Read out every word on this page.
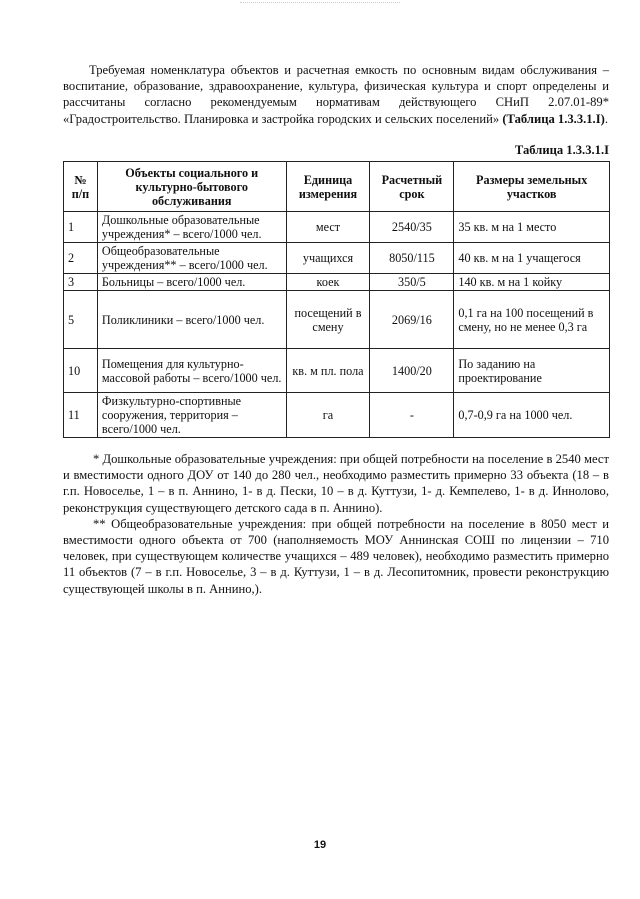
Требуемая номенклатура объектов и расчетная емкость по основным видам обслуживания – воспитание, образование, здравоохранение, культура, физическая культура и спорт определены и рассчитаны согласно рекомендуемым нормативам действующего СНиП 2.07.01-89* «Градостроительство. Планировка и застройка городских и сельских поселений» (Таблица 1.3.3.1.I).

Таблица 1.3.3.1.I

№ п/п	Объекты социального и культурно-бытового обслуживания	Единица измерения	Расчетный срок	Размеры земельных участков
1	Дошкольные образовательные учреждения* – всего/1000 чел.	мест	2540/35	35 кв. м на 1 место
2	Общеобразовательные учреждения** – всего/1000 чел.	учащихся	8050/115	40 кв. м на 1 учащегося
3	Больницы – всего/1000 чел.	коек	350/5	140 кв. м на 1 койку
5	Поликлиники – всего/1000 чел.	посещений в смену	2069/16	0,1 га на 100 посещений в смену, но не менее 0,3 га
10	Помещения для культурно-массовой работы – всего/1000 чел.	кв. м пл. пола	1400/20	По заданию на проектирование
11	Физкультурно-спортивные сооружения, территория – всего/1000 чел.	га	-	0,7-0,9 га на 1000 чел.

* Дошкольные образовательные учреждения: при общей потребности на поселение в 2540 мест и вместимости одного ДОУ от 140 до 280 чел., необходимо разместить примерно 33 объекта (18 – в г.п. Новоселье, 1 – в п. Аннино, 1- в д. Пески, 10 – в д. Куттузи, 1- д. Кемпелево, 1- в д. Иннолово, реконструкция существующего детского сада в п. Аннино).

** Общеобразовательные учреждения: при общей потребности на поселение в 8050 мест и вместимости одного объекта от 700 (наполняемость МОУ Аннинская СОШ по лицензии – 710 человек, при существующем количестве учащихся – 489 человек), необходимо разместить примерно 11 объектов (7 – в г.п. Новоселье, 3 – в д. Куттузи, 1 – в д. Лесопитомник, провести реконструкцию существующей школы в п. Аннино,).

19
